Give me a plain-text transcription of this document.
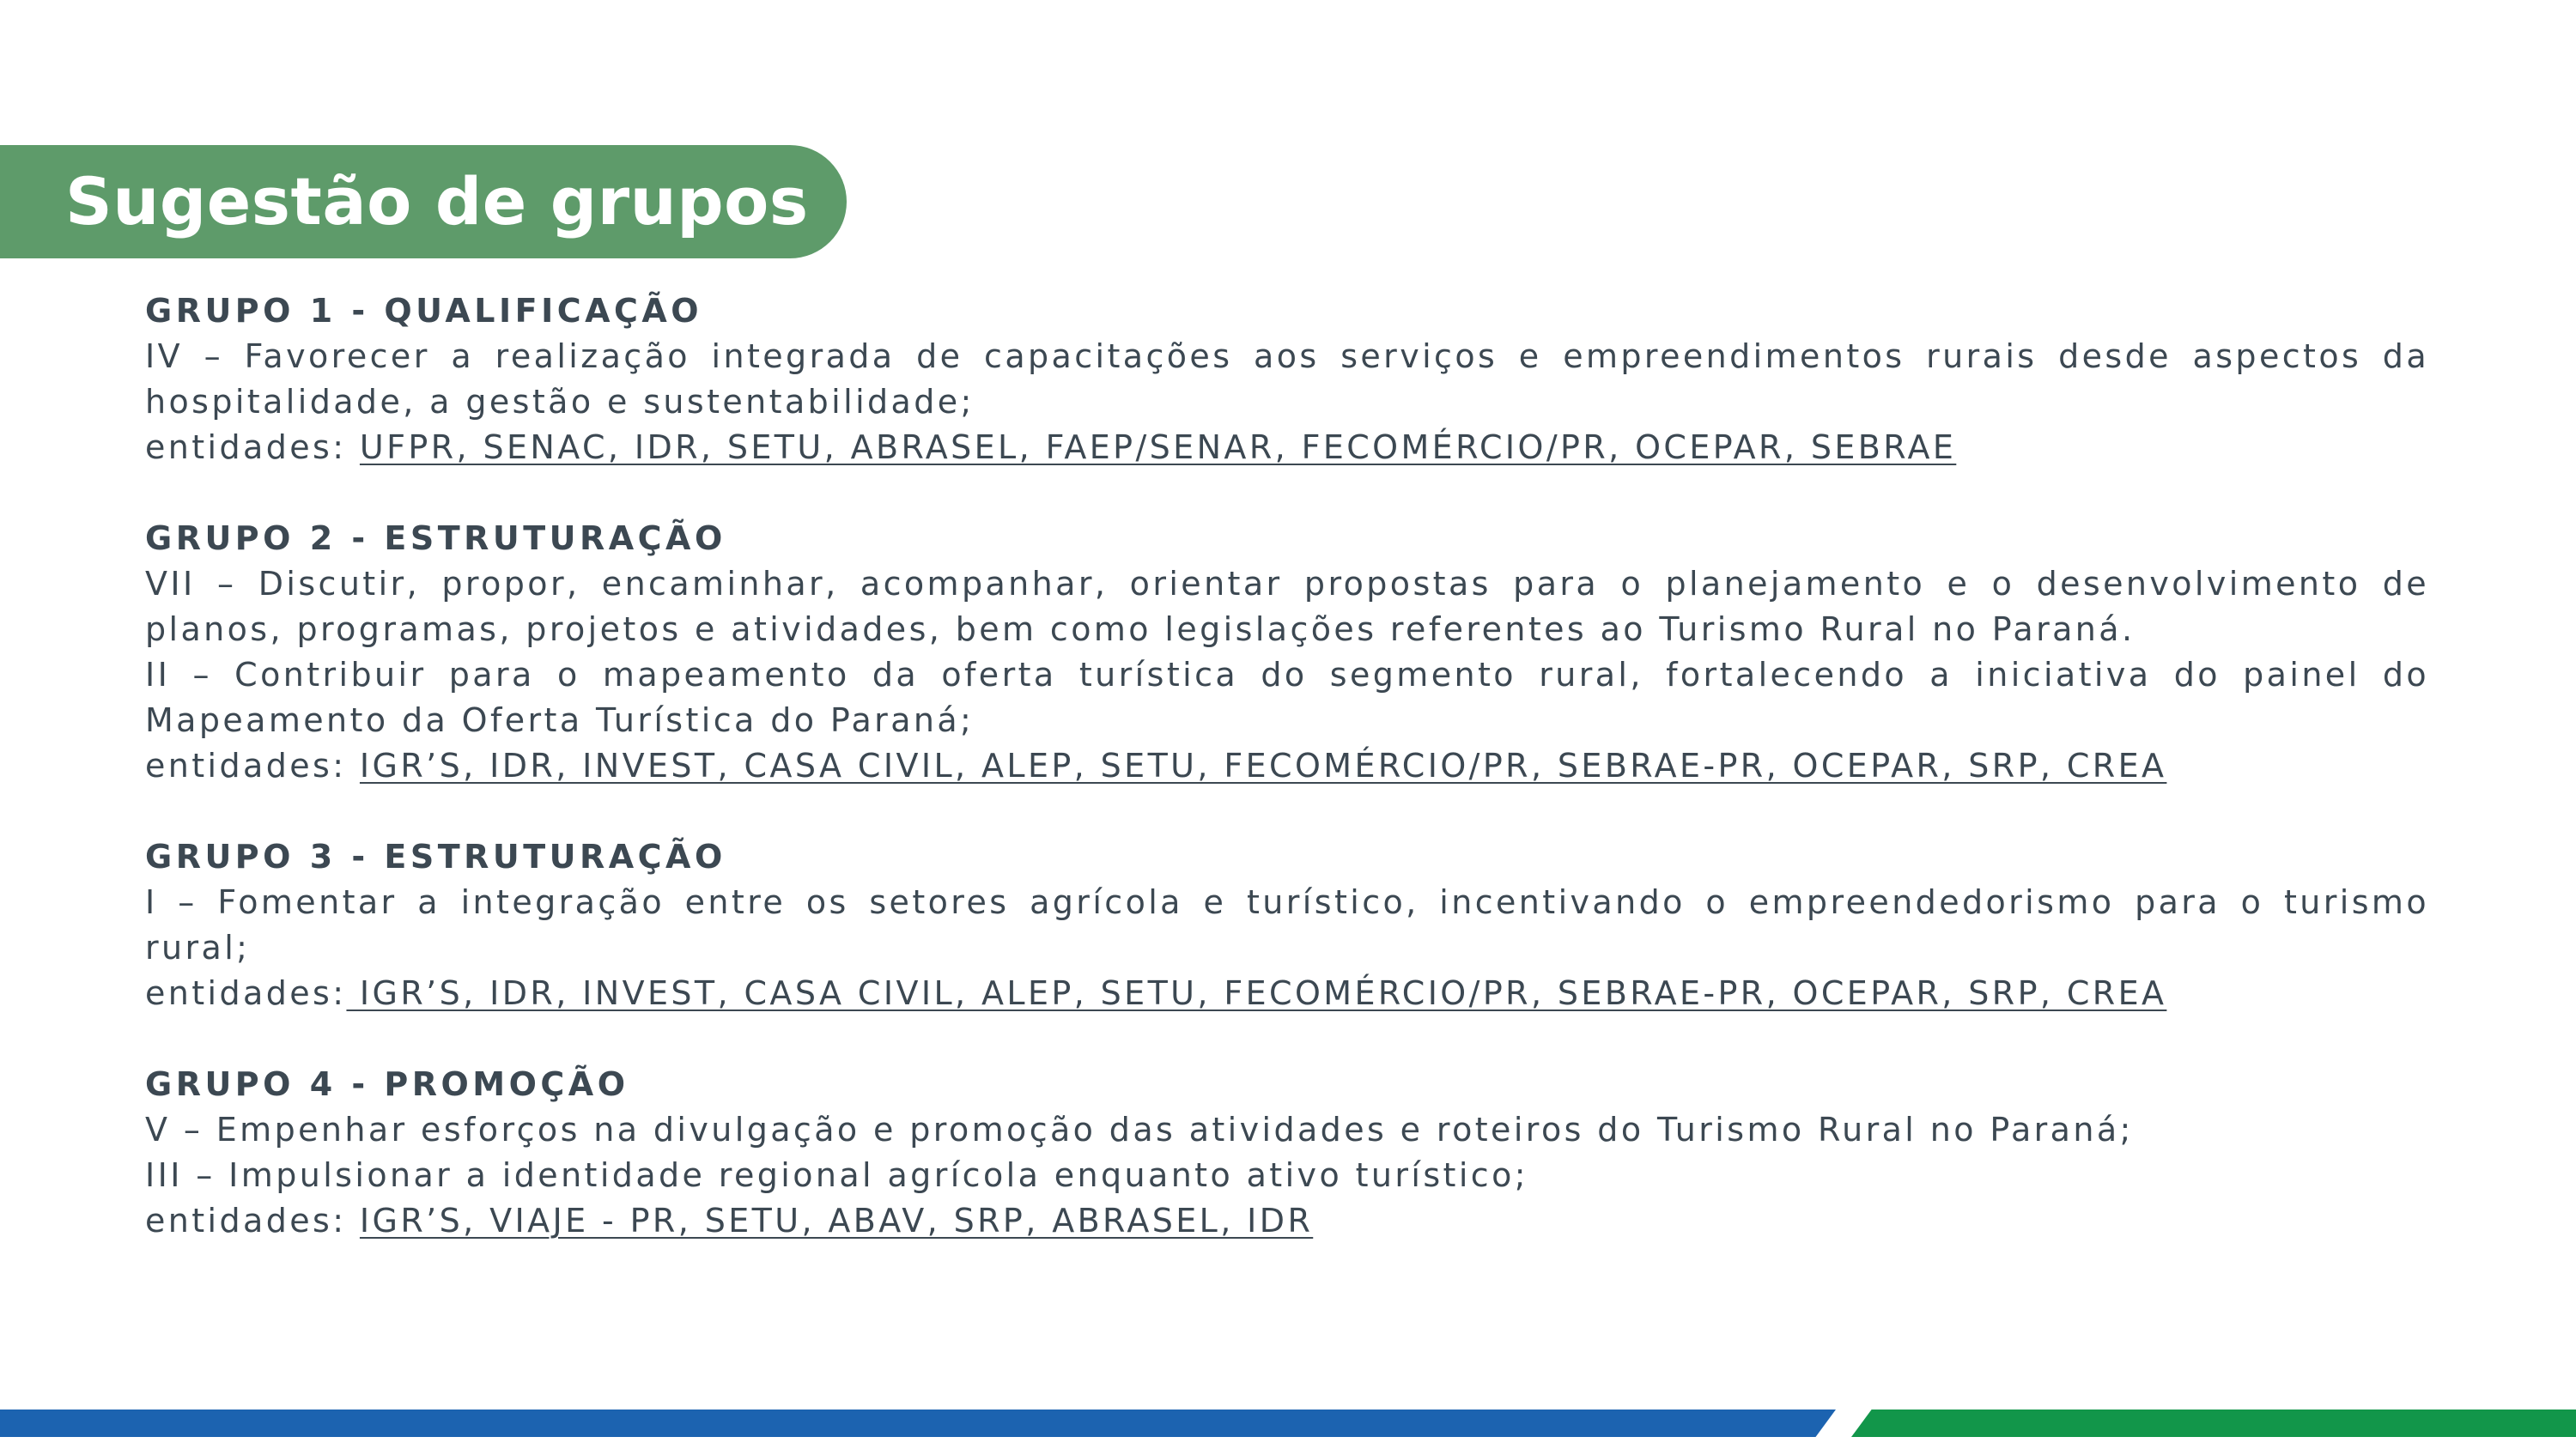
Sugestão de grupos
GRUPO 1 - QUALIFICAÇÃO
IV – Favorecer a realização integrada de capacitações aos serviços e empreendimentos rurais desde aspectos da hospitalidade, a gestão e sustentabilidade;
entidades: UFPR, SENAC, IDR, SETU, ABRASEL, FAEP/SENAR, FECOMÉRCIO/PR, OCEPAR, SEBRAE
GRUPO 2 - ESTRUTURAÇÃO
VII – Discutir, propor, encaminhar, acompanhar, orientar propostas para o planejamento e o desenvolvimento de planos, programas, projetos e atividades, bem como legislações referentes ao Turismo Rural no Paraná.
II – Contribuir para o mapeamento da oferta turística do segmento rural, fortalecendo a iniciativa do painel do Mapeamento da Oferta Turística do Paraná;
entidades: IGR’S, IDR, INVEST, CASA CIVIL, ALEP, SETU, FECOMÉRCIO/PR, SEBRAE-PR, OCEPAR, SRP, CREA
GRUPO 3 - ESTRUTURAÇÃO
I – Fomentar a integração entre os setores agrícola e turístico, incentivando o empreendedorismo para o turismo rural;
entidades: IGR’S, IDR, INVEST, CASA CIVIL, ALEP, SETU, FECOMÉRCIO/PR, SEBRAE-PR, OCEPAR, SRP, CREA
GRUPO 4 - PROMOÇÃO
V – Empenhar esforços na divulgação e promoção das atividades e roteiros do Turismo Rural no Paraná;
III – Impulsionar a identidade regional agrícola enquanto ativo turístico;
entidades: IGR’S, VIAJE - PR, SETU, ABAV, SRP, ABRASEL, IDR
